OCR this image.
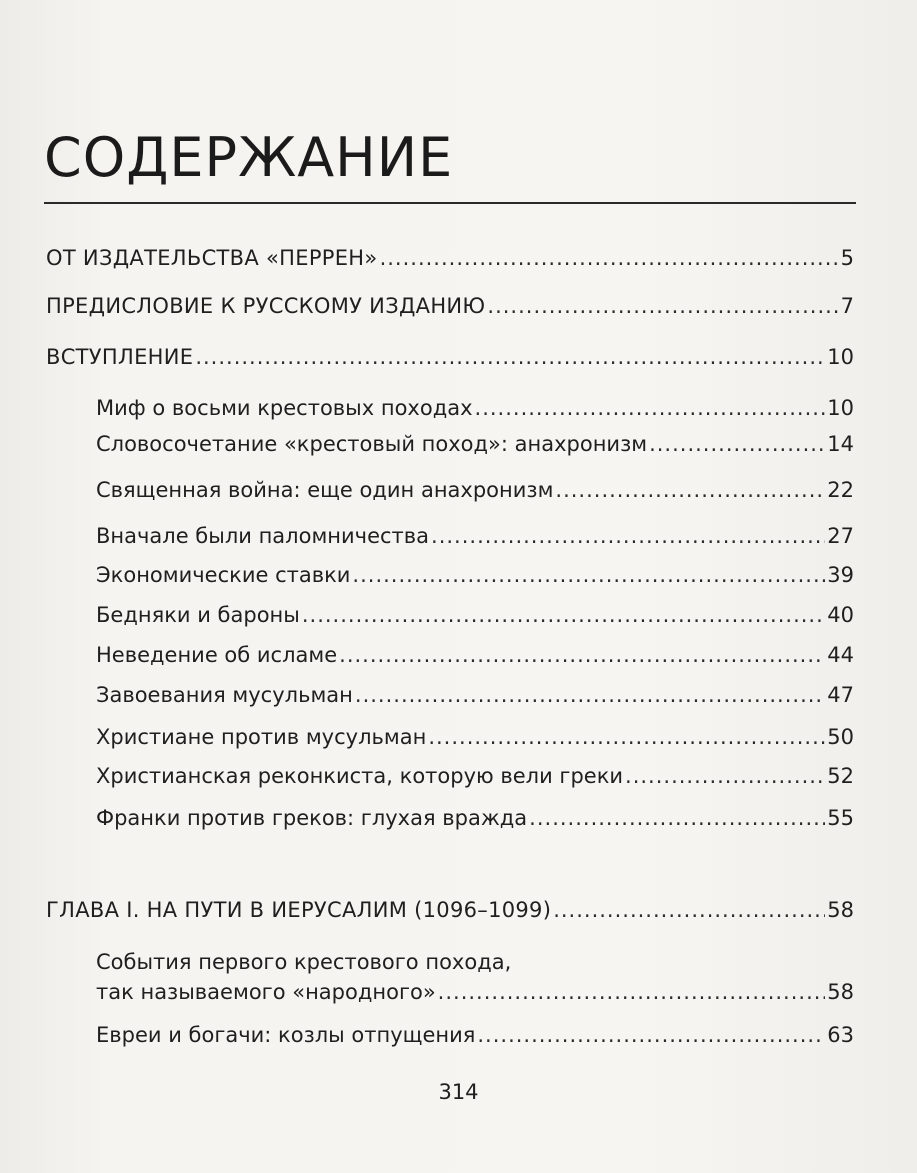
СОДЕРЖАНИЕ
ОТ ИЗДАТЕЛЬСТВА «ПЕРРЕН» .....	5
ПРЕДИСЛОВИЕ К РУССКОМУ ИЗДАНИЮ .....	7
ВСТУПЛЕНИЕ .....	10
Миф о восьми крестовых походах .....	10
Словосочетание «крестовый поход»: анахронизм .....	14
Священная война: еще один анахронизм .....	22
Вначале были паломничества .....	27
Экономические ставки .....	39
Бедняки и бароны .....	40
Неведение об исламе .....	44
Завоевания мусульман .....	47
Христиане против мусульман .....	50
Христианская реконкиста, которую вели греки .....	52
Франки против греков: глухая вражда .....	55
ГЛАВА I. НА ПУТИ В ИЕРУСАЛИМ (1096–1099) .....	58
События первого крестового похода,
так называемого «народного» .....	58
Евреи и богачи: козлы отпущения .....	63
314
